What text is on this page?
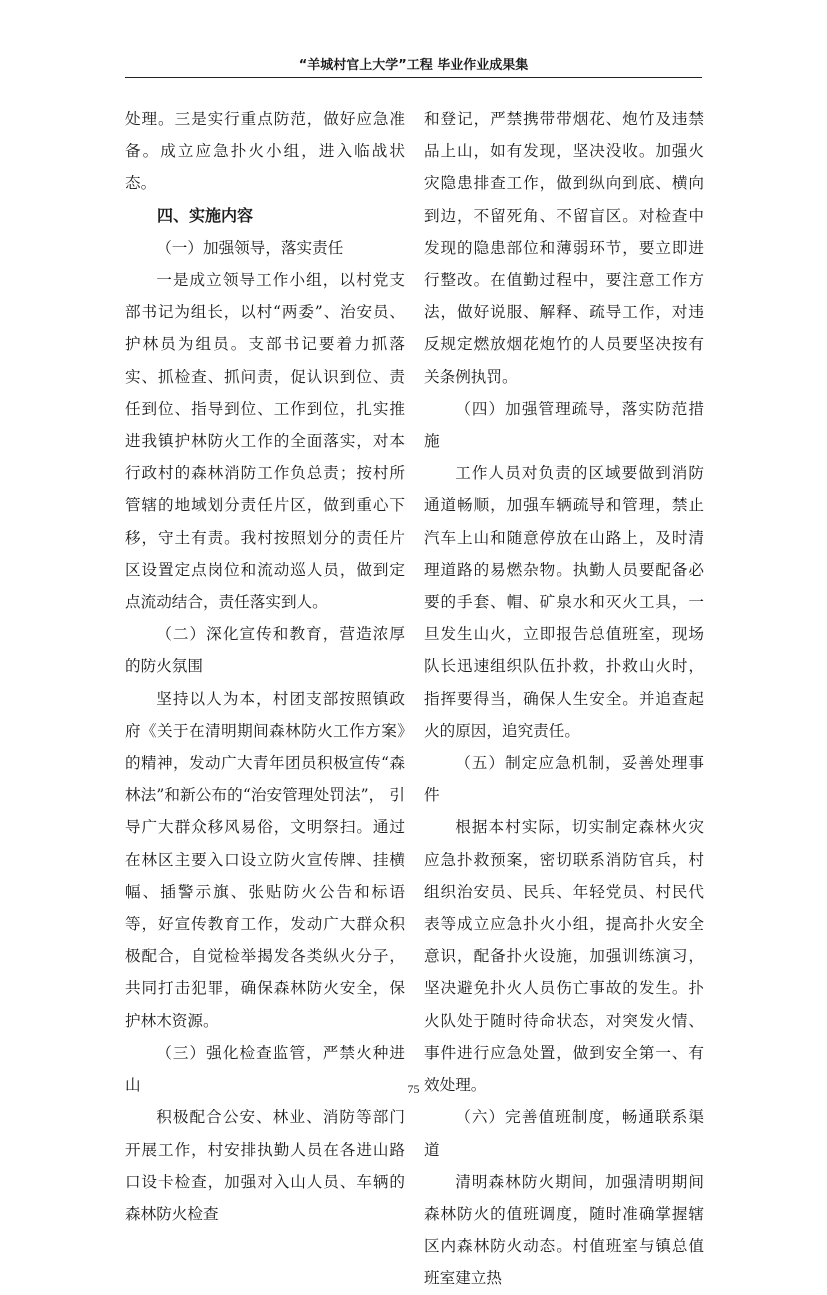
“羊城村官上大学”工程 毕业作业成果集

处理。三是实行重点防范，做好应急准备。成立应急扑火小组，进入临战状态。

四、实施内容

（一）加强领导，落实责任

一是成立领导工作小组，以村党支部书记为组长，以村“两委”、治安员、护林员为组员。支部书记要着力抓落实、抓检查、抓问责，促认识到位、责任到位、指导到位、工作到位，扎实推进我镇护林防火工作的全面落实，对本行政村的森林消防工作负总责；按村所管辖的地域划分责任片区，做到重心下移，守土有责。我村按照划分的责任片区设置定点岗位和流动巡人员，做到定点流动结合，责任落实到人。

（二）深化宣传和教育，营造浓厚的防火氛围

坚持以人为本，村团支部按照镇政府《关于在清明期间森林防火工作方案》的精神，发动广大青年团员积极宣传“森林法”和新公布的“治安管理处罚法”， 引导广大群众移风易俗，文明祭扫。通过在林区主要入口设立防火宣传牌、挂横幅、插警示旗、张贴防火公告和标语等，好宣传教育工作，发动广大群众积极配合，自觉检举揭发各类纵火分子，共同打击犯罪，确保森林防火安全，保护林木资源。

（三）强化检查监管，严禁火种进山

积极配合公安、林业、消防等部门开展工作，村安排执勤人员在各进山路口设卡检查，加强对入山人员、车辆的森林防火检查

和登记，严禁携带带烟花、炮竹及违禁品上山，如有发现，坚决没收。加强火灾隐患排查工作，做到纵向到底、横向到边，不留死角、不留盲区。对检查中发现的隐患部位和薄弱环节，要立即进行整改。在值勤过程中，要注意工作方法，做好说服、解释、疏导工作，对违反规定燃放烟花炮竹的人员要坚决按有关条例执罚。

（四）加强管理疏导，落实防范措施

工作人员对负责的区域要做到消防通道畅顺，加强车辆疏导和管理，禁止汽车上山和随意停放在山路上，及时清理道路的易燃杂物。执勤人员要配备必要的手套、帽、矿泉水和灭火工具，一旦发生山火，立即报告总值班室，现场队长迅速组织队伍扑救，扑救山火时，指挥要得当，确保人生安全。并追查起火的原因，追究责任。

（五）制定应急机制，妥善处理事件

根据本村实际，切实制定森林火灾应急扑救预案，密切联系消防官兵，村组织治安员、民兵、年轻党员、村民代表等成立应急扑火小组，提高扑火安全意识，配备扑火设施，加强训练演习，坚决避免扑火人员伤亡事故的发生。扑火队处于随时待命状态，对突发火情、事件进行应急处置，做到安全第一、有效处理。

（六）完善值班制度，畅通联系渠道

清明森林防火期间，加强清明期间森林防火的值班调度，随时准确掌握辖区内森林防火动态。村值班室与镇总值班室建立热

75
